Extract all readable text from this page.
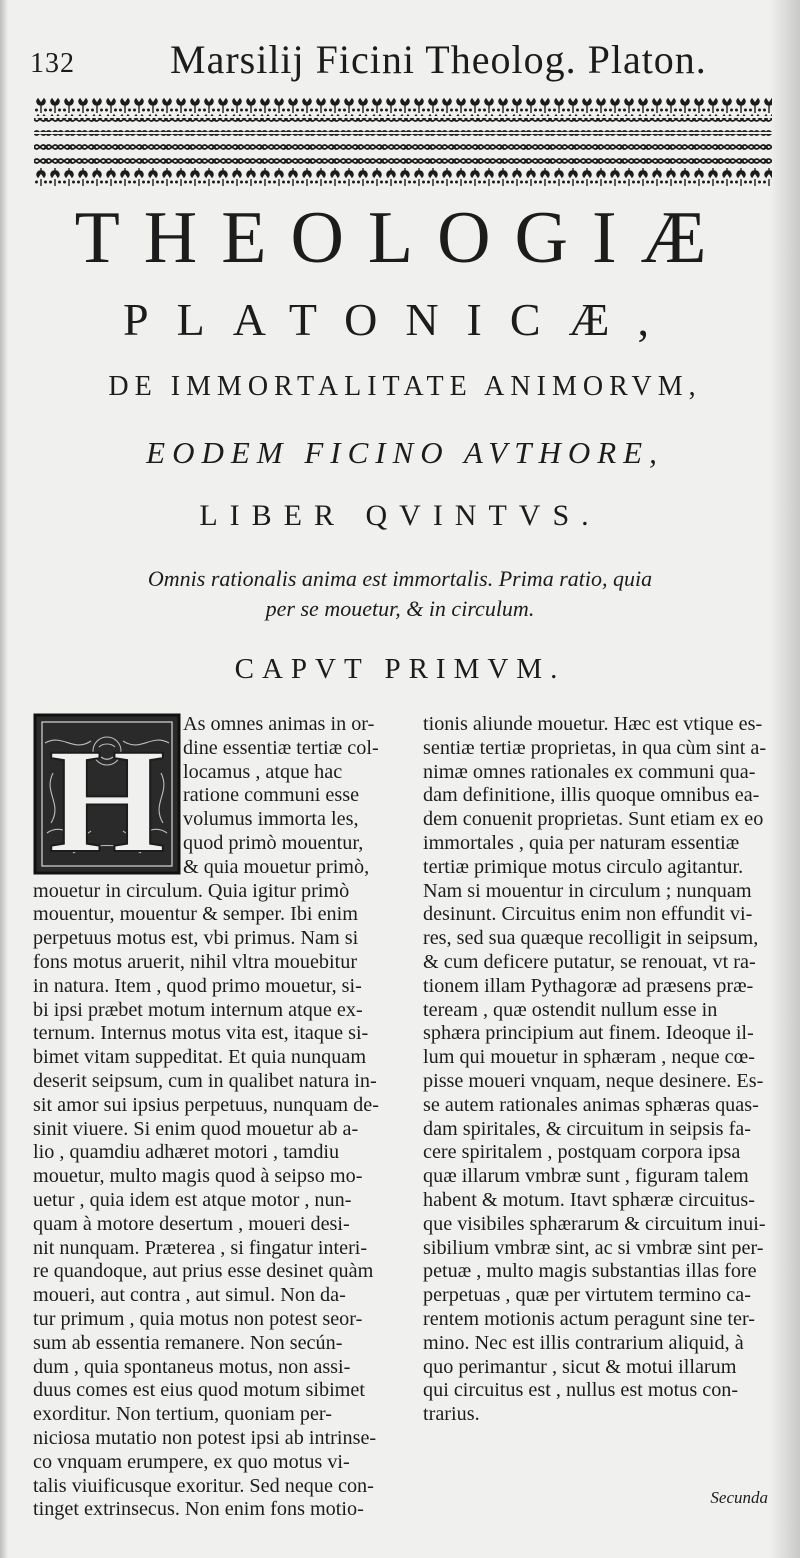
132 Marsilij Ficini Theolog. Platon.
THEOLOGIÆ
PLATONICÆ,
DE IMMORTALITATE ANIMORVM,
EODEM FICINO AVTHORE,
LIBER QVINTVS.
Omnis rationalis anima est immortalis. Prima ratio, quia
per se mouetur, & in circulum.
CAPVT PRIMVM.
H As omnes animas in or-
dine essentiæ tertiæ col-
locamus , atque hac
ratione communi esse
volumus immorta les,
quod primò mouentur,
& quia mouetur primò,
mouetur in circulum. Quia igitur primò
mouentur, mouentur & semper. Ibi enim
perpetuus motus est, vbi primus. Nam si
fons motus aruerit, nihil vltra mouebitur
in natura. Item , quod primo mouetur, si-
bi ipsi præbet motum internum atque ex-
ternum. Internus motus vita est, itaque si-
bimet vitam suppeditat. Et quia nunquam
deserit seipsum, cum in qualibet natura in-
sit amor sui ipsius perpetuus, nunquam de-
sinit viuere. Si enim quod mouetur ab a-
lio , quamdiu adhæret motori , tamdiu
mouetur, multo magis quod à seipso mo-
uetur , quia idem est atque motor , nun-
quam à motore desertum , moueri desi-
nit nunquam. Præterea , si fingatur interi-
re quandoque, aut prius esse desinet quàm
moueri, aut contra , aut simul. Non da-
tur primum , quia motus non potest seor-
sum ab essentia remanere. Non secún-
dum , quia spontaneus motus, non assi-
duus comes est eius quod motum sibimet
exorditur. Non tertium, quoniam per-
niciosa mutatio non potest ipsi ab intrinse-
co vnquam erumpere, ex quo motus vi-
talis viuificusque exoritur. Sed neque con-
tinget extrinsecus. Non enim fons motio-
tionis aliunde mouetur. Hæc est vtique es-
sentiæ tertiæ proprietas, in qua cùm sint a-
nimæ omnes rationales ex communi qua-
dam definitione, illis quoque omnibus ea-
dem conuenit proprietas. Sunt etiam ex eo
immortales , quia per naturam essentiæ
tertiæ primique motus circulo agitantur.
Nam si mouentur in circulum ; nunquam
desinunt. Circuitus enim non effundit vi-
res, sed sua quæque recolligit in seipsum,
& cum deficere putatur, se renouat, vt ra-
tionem illam Pythagoræ ad præsens præ-
teream , quæ ostendit nullum esse in
sphæra principium aut finem. Ideoque il-
lum qui mouetur in sphæram , neque cœ-
pisse moueri vnquam, neque desinere. Es-
se autem rationales animas sphæras quas-
dam spiritales, & circuitum in seipsis fa-
cere spiritalem , postquam corpora ipsa
quæ illarum vmbræ sunt , figuram talem
habent & motum. Itavt sphæræ circuitus-
que visibiles sphærarum & circuitum inui-
sibilium vmbræ sint, ac si vmbræ sint per-
petuæ , multo magis substantias illas fore
perpetuas , quæ per virtutem termino ca-
rentem motionis actum peragunt sine ter-
mino. Nec est illis contrarium aliquid, à
quo perimantur , sicut & motui illarum
qui circuitus est , nullus est motus con-
trarius.
Secunda
